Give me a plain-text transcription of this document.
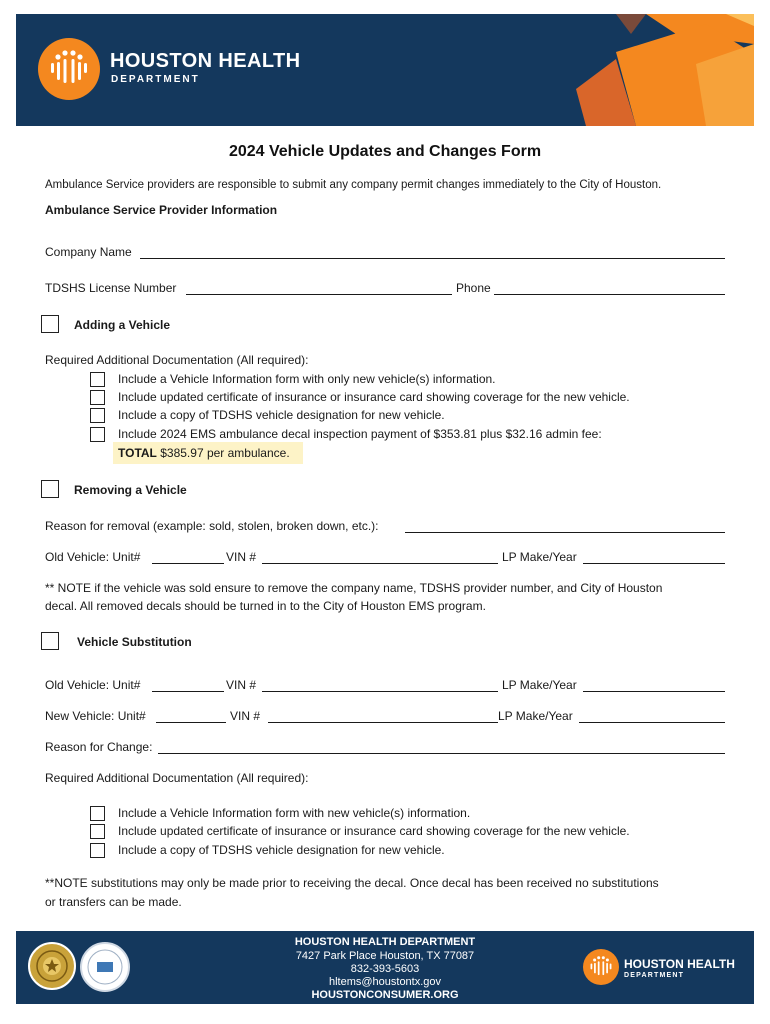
HOUSTON HEALTH
DEPARTMENT
2024 Vehicle Updates and Changes Form
Ambulance Service providers are responsible to submit any company permit changes immediately to the City of Houston.
Ambulance Service Provider Information
Company Name
TDSHS License Number	Phone
Adding a Vehicle
Required Additional Documentation (All required):
Include a Vehicle Information form with only new vehicle(s) information.
Include updated certificate of insurance or insurance card showing coverage for the new vehicle.
Include a copy of TDSHS vehicle designation for new vehicle.
Include 2024 EMS ambulance decal inspection payment of $353.81 plus $32.16 admin fee:
TOTAL $385.97 per ambulance.
Removing a Vehicle
Reason for removal (example: sold, stolen, broken down, etc.):
Old Vehicle: Unit#	VIN #	LP Make/Year
** NOTE if the vehicle was sold ensure to remove the company name, TDSHS provider number, and City of Houston
decal. All removed decals should be turned in to the City of Houston EMS program.
Vehicle Substitution
Old Vehicle: Unit#	VIN #	LP Make/Year
New Vehicle: Unit#	VIN #	LP Make/Year
Reason for Change:
Required Additional Documentation (All required):
Include a Vehicle Information form with new vehicle(s) information.
Include updated certificate of insurance or insurance card showing coverage for the new vehicle.
Include a copy of TDSHS vehicle designation for new vehicle.
**NOTE substitutions may only be made prior to receiving the decal. Once decal has been received no substitutions
or transfers can be made.
HOUSTON HEALTH DEPARTMENT
7427 Park Place Houston, TX 77087
832-393-5603
hltems@houstontx.gov
HOUSTONCONSUMER.ORG
HOUSTON HEALTH
DEPARTMENT
